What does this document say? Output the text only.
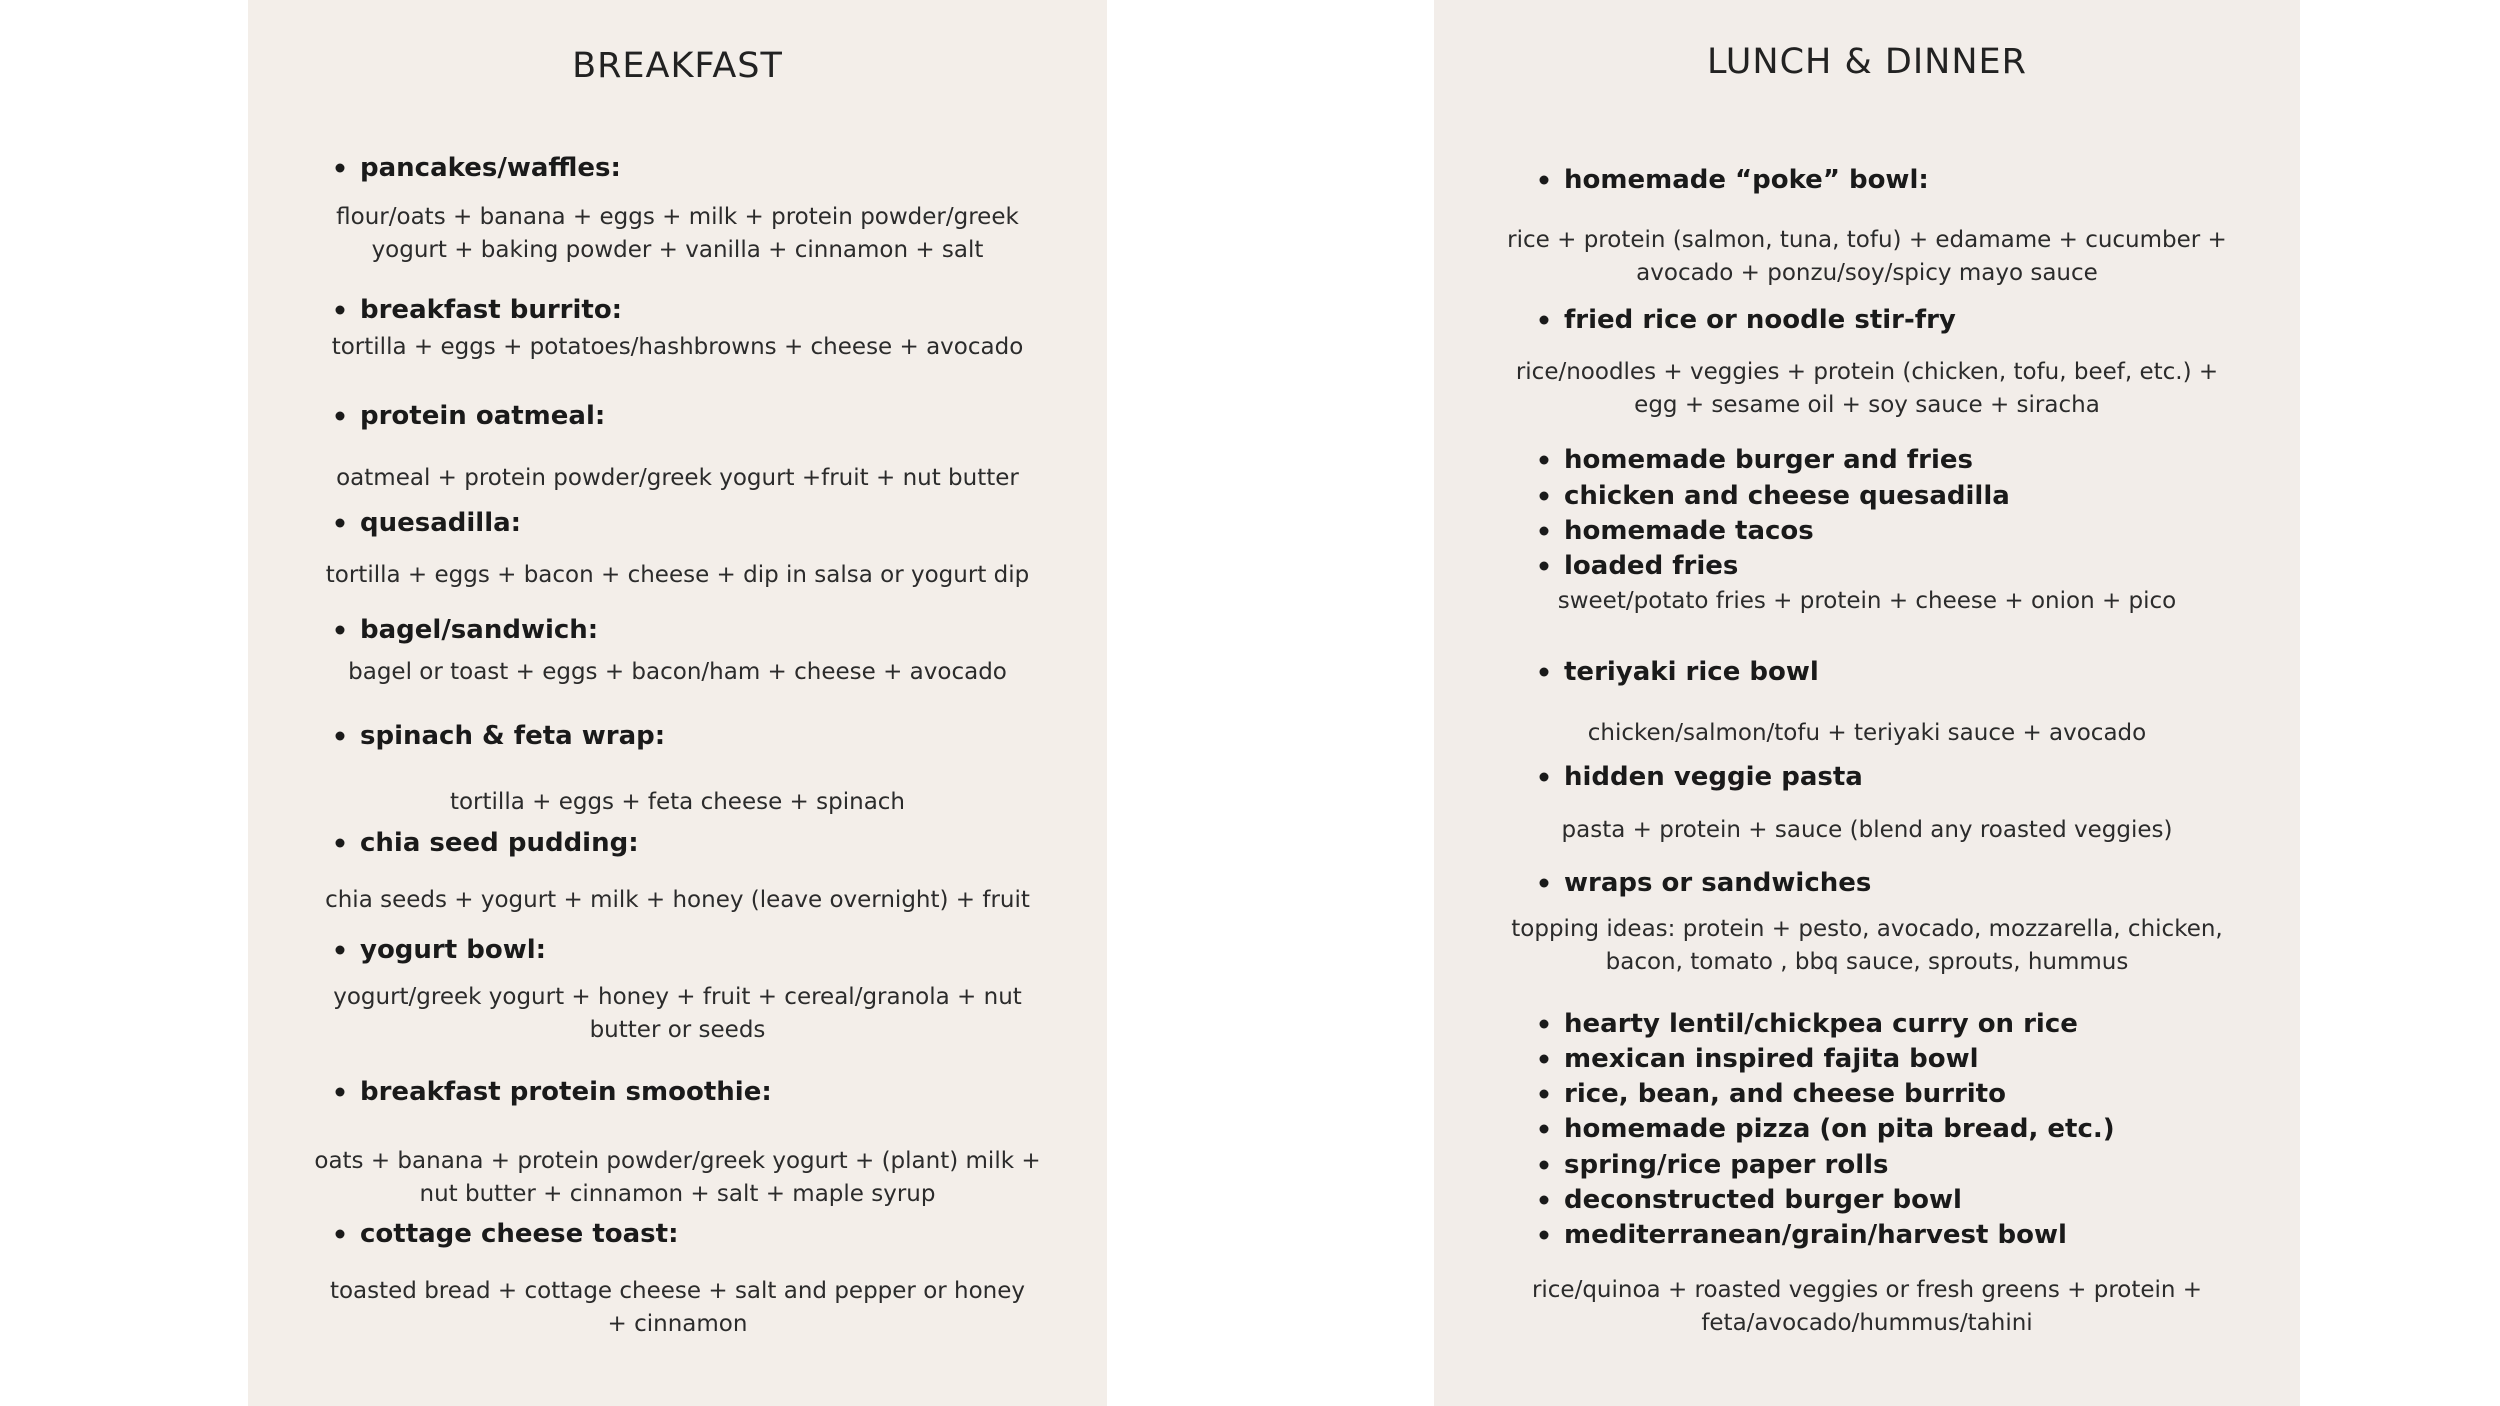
BREAKFAST
pancakes/waffles:
flour/oats + banana + eggs + milk + protein powder/greek
yogurt + baking powder + vanilla + cinnamon + salt
breakfast burrito:
tortilla + eggs + potatoes/hashbrowns + cheese + avocado
protein oatmeal:
oatmeal + protein powder/greek yogurt +fruit + nut butter
quesadilla:
tortilla + eggs + bacon + cheese + dip in salsa or yogurt dip
bagel/sandwich:
bagel or toast + eggs + bacon/ham + cheese + avocado
spinach & feta wrap:
tortilla + eggs + feta cheese + spinach
chia seed pudding:
chia seeds + yogurt + milk + honey (leave overnight) + fruit
yogurt bowl:
yogurt/greek yogurt + honey + fruit + cereal/granola + nut
butter or seeds
breakfast protein smoothie:
oats + banana + protein powder/greek yogurt + (plant) milk +
nut butter + cinnamon + salt + maple syrup
cottage cheese toast:
toasted bread + cottage cheese + salt and pepper or honey
+ cinnamon
LUNCH & DINNER
homemade “poke” bowl:
rice + protein (salmon, tuna, tofu) + edamame + cucumber +
avocado + ponzu/soy/spicy mayo sauce
fried rice or noodle stir-fry
rice/noodles + veggies + protein (chicken, tofu, beef, etc.) +
egg + sesame oil + soy sauce + siracha
homemade burger and fries
chicken and cheese quesadilla
homemade tacos
loaded fries
sweet/potato fries + protein + cheese + onion + pico
teriyaki rice bowl
chicken/salmon/tofu + teriyaki sauce + avocado
hidden veggie pasta
pasta + protein + sauce (blend any roasted veggies)
wraps or sandwiches
topping ideas: protein + pesto, avocado, mozzarella, chicken,
bacon, tomato , bbq sauce, sprouts, hummus
hearty lentil/chickpea curry on rice
mexican inspired fajita bowl
rice, bean, and cheese burrito
homemade pizza (on pita bread, etc.)
spring/rice paper rolls
deconstructed burger bowl
mediterranean/grain/harvest bowl
rice/quinoa + roasted veggies or fresh greens + protein +
feta/avocado/hummus/tahini
